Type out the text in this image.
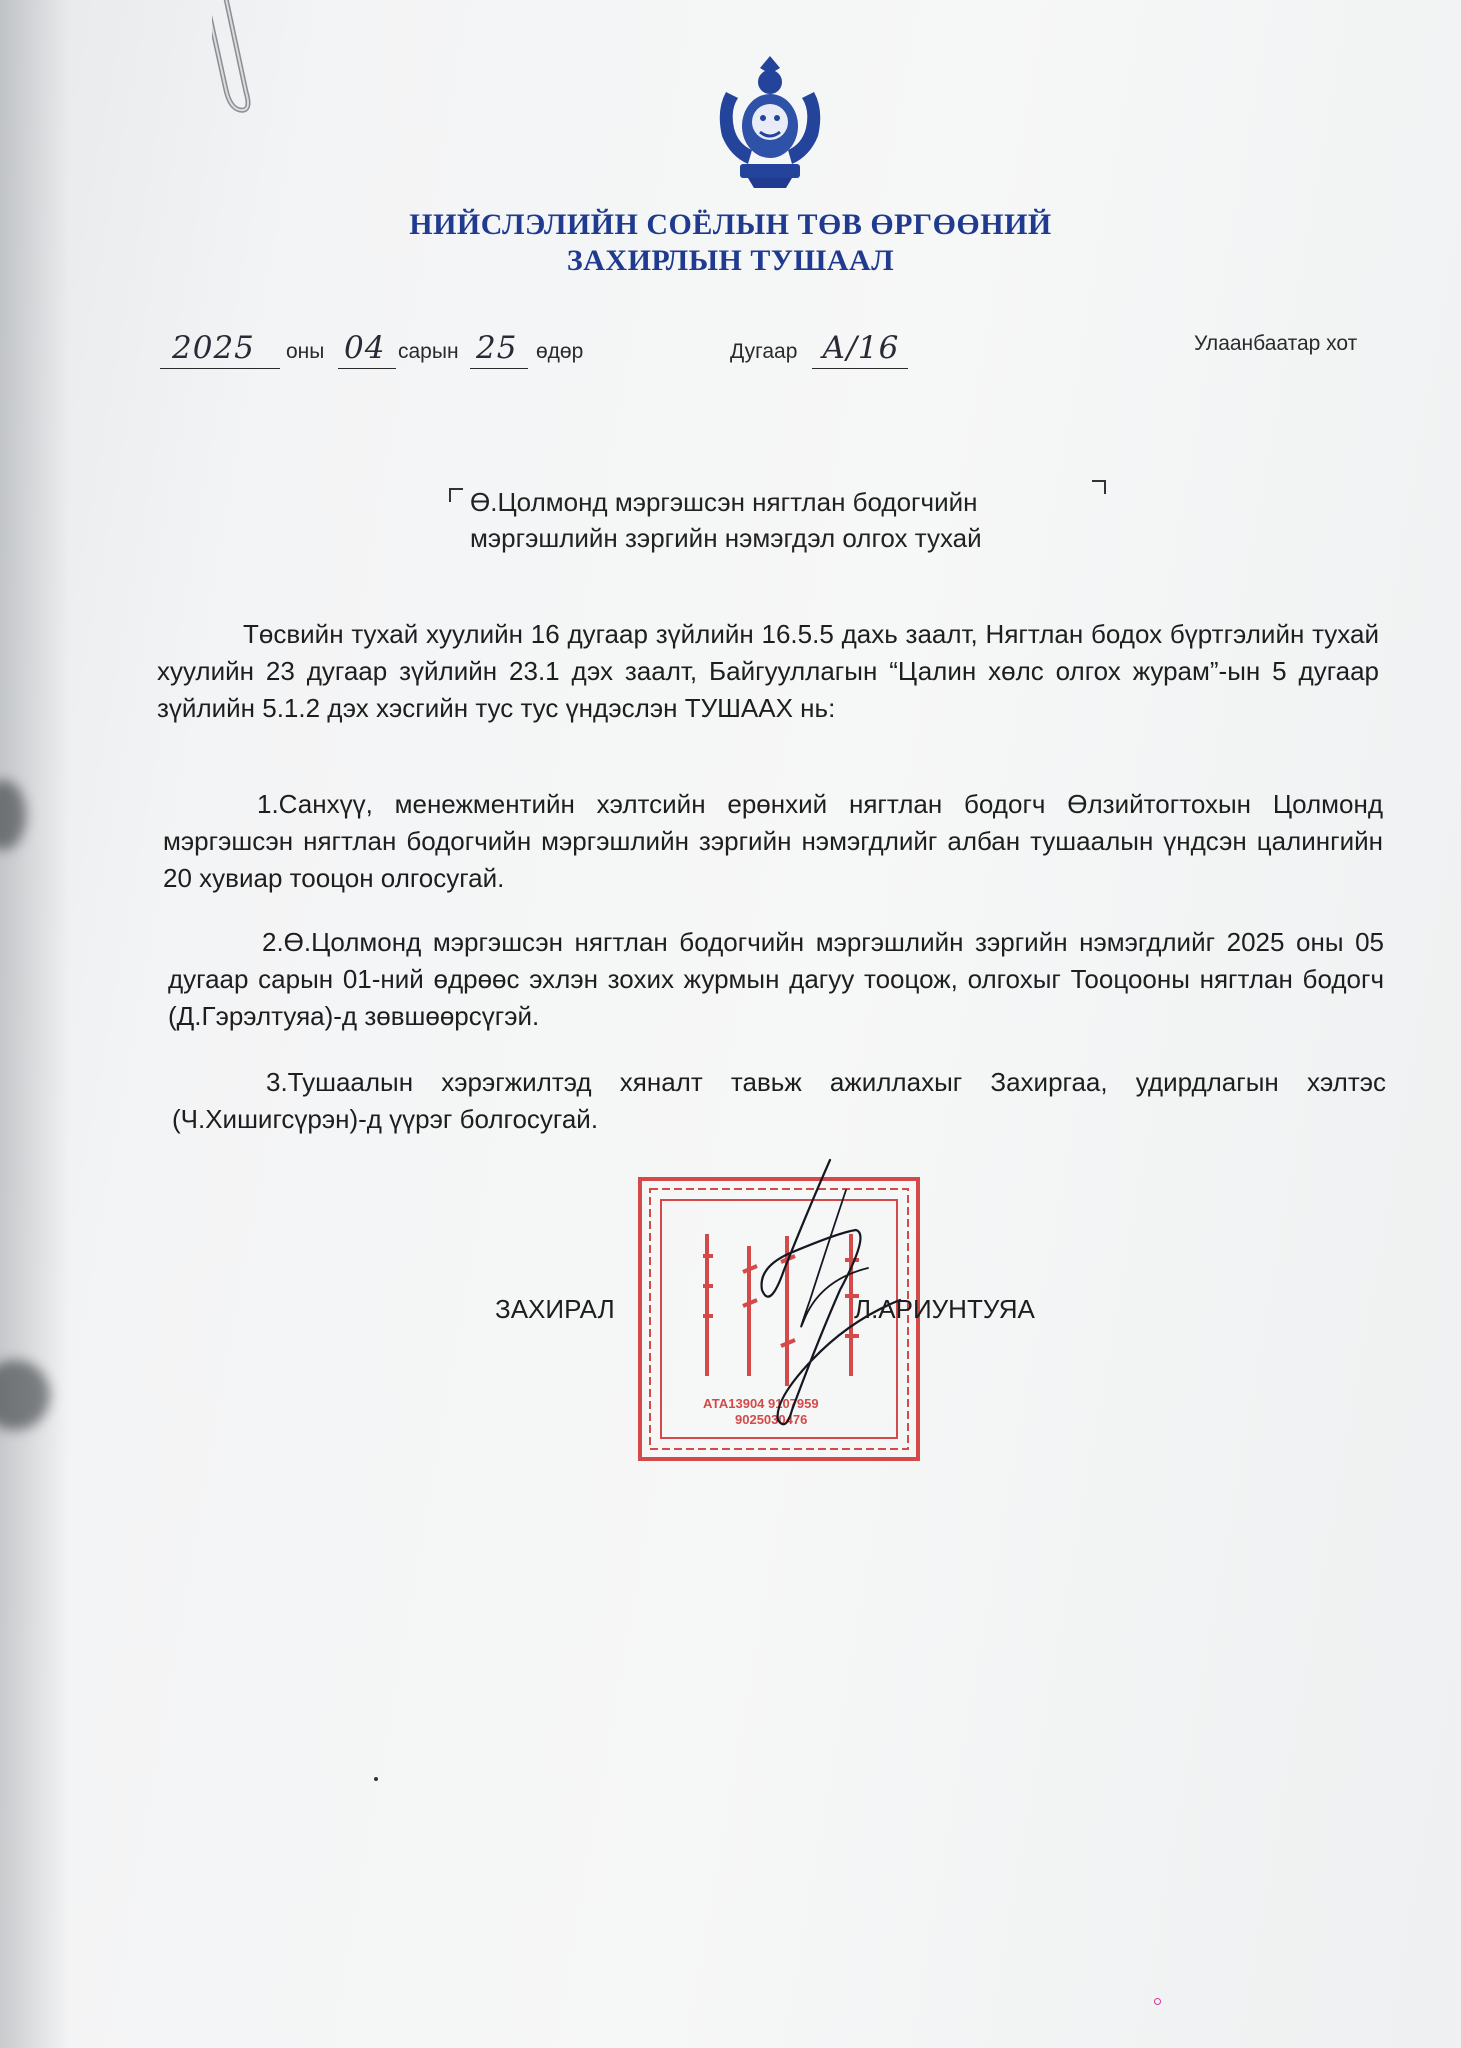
НИЙСЛЭЛИЙН СОЁЛЫН ТӨВ ӨРГӨӨНИЙ
ЗАХИРЛЫН ТУШААЛ
2025 оны 04 сарын 25 өдөр	Дугаар А/16	Улаанбаатар хот
Ө.Цолмонд мэргэшсэн нягтлан бодогчийн
мэргэшлийн зэргийн нэмэгдэл олгох тухай
Төсвийн тухай хуулийн 16 дугаар зүйлийн 16.5.5 дахь заалт, Нягтлан бодох бүртгэлийн тухай хуулийн 23 дугаар зүйлийн 23.1 дэх заалт, Байгууллагын “Цалин хөлс олгох журам”-ын 5 дугаар зүйлийн 5.1.2 дэх хэсгийн тус тус үндэслэн ТУШААХ нь:
1.Санхүү, менежментийн хэлтсийн ерөнхий нягтлан бодогч Өлзийтогтохын Цолмонд мэргэшсэн нягтлан бодогчийн мэргэшлийн зэргийн нэмэгдлийг албан тушаалын үндсэн цалингийн 20 хувиар тооцон олгосугай.
2.Ө.Цолмонд мэргэшсэн нягтлан бодогчийн мэргэшлийн зэргийн нэмэгдлийг 2025 оны 05 дугаар сарын 01-ний өдрөөс эхлэн зохих журмын дагуу тооцож, олгохыг Тооцооны нягтлан бодогч (Д.Гэрэлтуяа)-д зөвшөөрсүгэй.
3.Тушаалын хэрэгжилтэд хяналт тавьж ажиллахыг Захиргаа, удирдлагын хэлтэс (Ч.Хишигсүрэн)-д үүрэг болгосугай.
АТА13904 9107959
9025030476
ЗАХИРАЛ	Л.АРИУНТУЯА
